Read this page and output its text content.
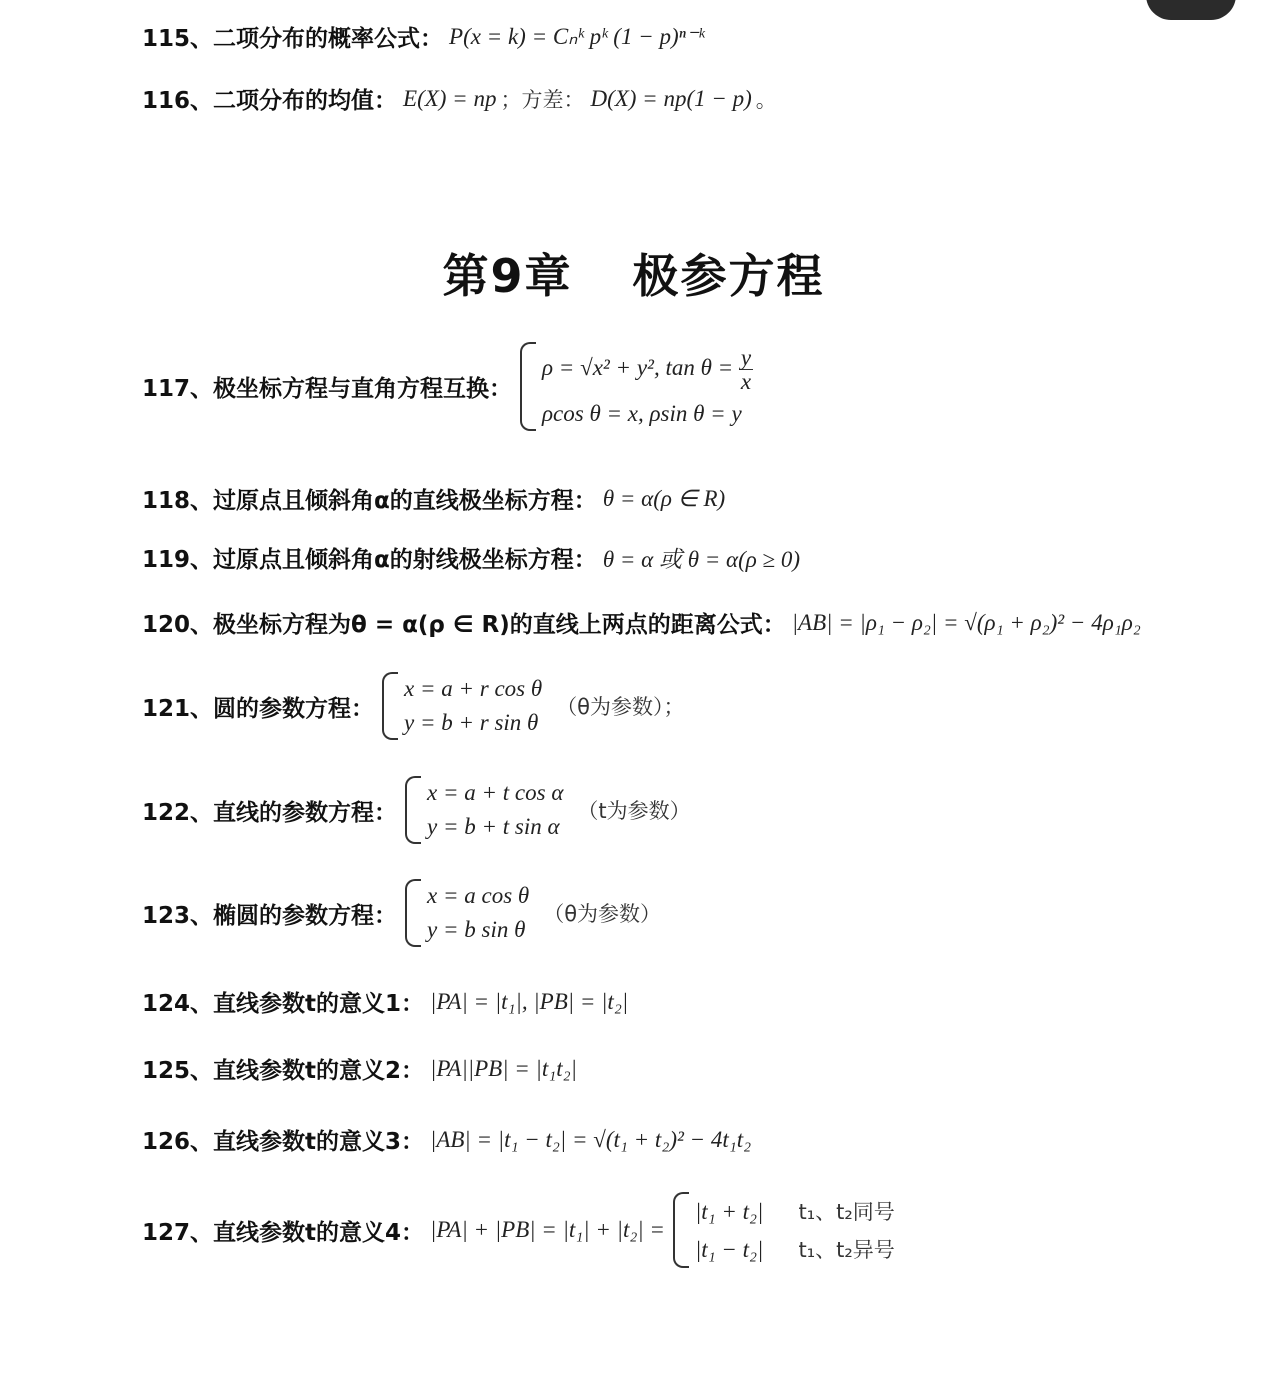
115、二项分布的概率公式： P(x = k) = Cₙᵏ pᵏ (1 − p)ⁿ⁻ᵏ
116、二项分布的均值： E(X) = np ；方差： D(X) = np(1 − p) 。
第9章 极参方程
117、极坐标方程与直角方程互换：
ρ = √x² + y², $\tan \theta = \frac{y}{x}$
ρcos θ = x, ρsin θ = y
118、过原点且倾斜角α的直线极坐标方程： θ = α(ρ ∈ R)
119、过原点且倾斜角α的射线极坐标方程： θ = α 或 θ = α(ρ ≥ 0)
120、极坐标方程为θ = α(ρ ∈ R)的直线上两点的距离公式： |AB| = |ρ₁ − ρ₂| = √(ρ₁ + ρ₂)² − 4ρ₁ρ₂
121、圆的参数方程：
x = a + r cos θ
y = b + r sin θ
（θ为参数）；
122、直线的参数方程：
x = a + t cos α
y = b + t sin α
（t为参数）
123、椭圆的参数方程：
x = a cos θ
y = b sin θ
（θ为参数）
124、直线参数t的意义1： |PA| = |t₁|, |PB| = |t₂|
125、直线参数t的意义2： |PA||PB| = |t₁t₂|
126、直线参数t的意义3： |AB| = |t₁ − t₂| = √(t₁ + t₂)² − 4t₁t₂
127、直线参数t的意义4： |PA| + |PB| = |t₁| + |t₂| =
|t₁ + t₂| t₁、t₂同号
|t₁ − t₂| t₁、t₂异号
